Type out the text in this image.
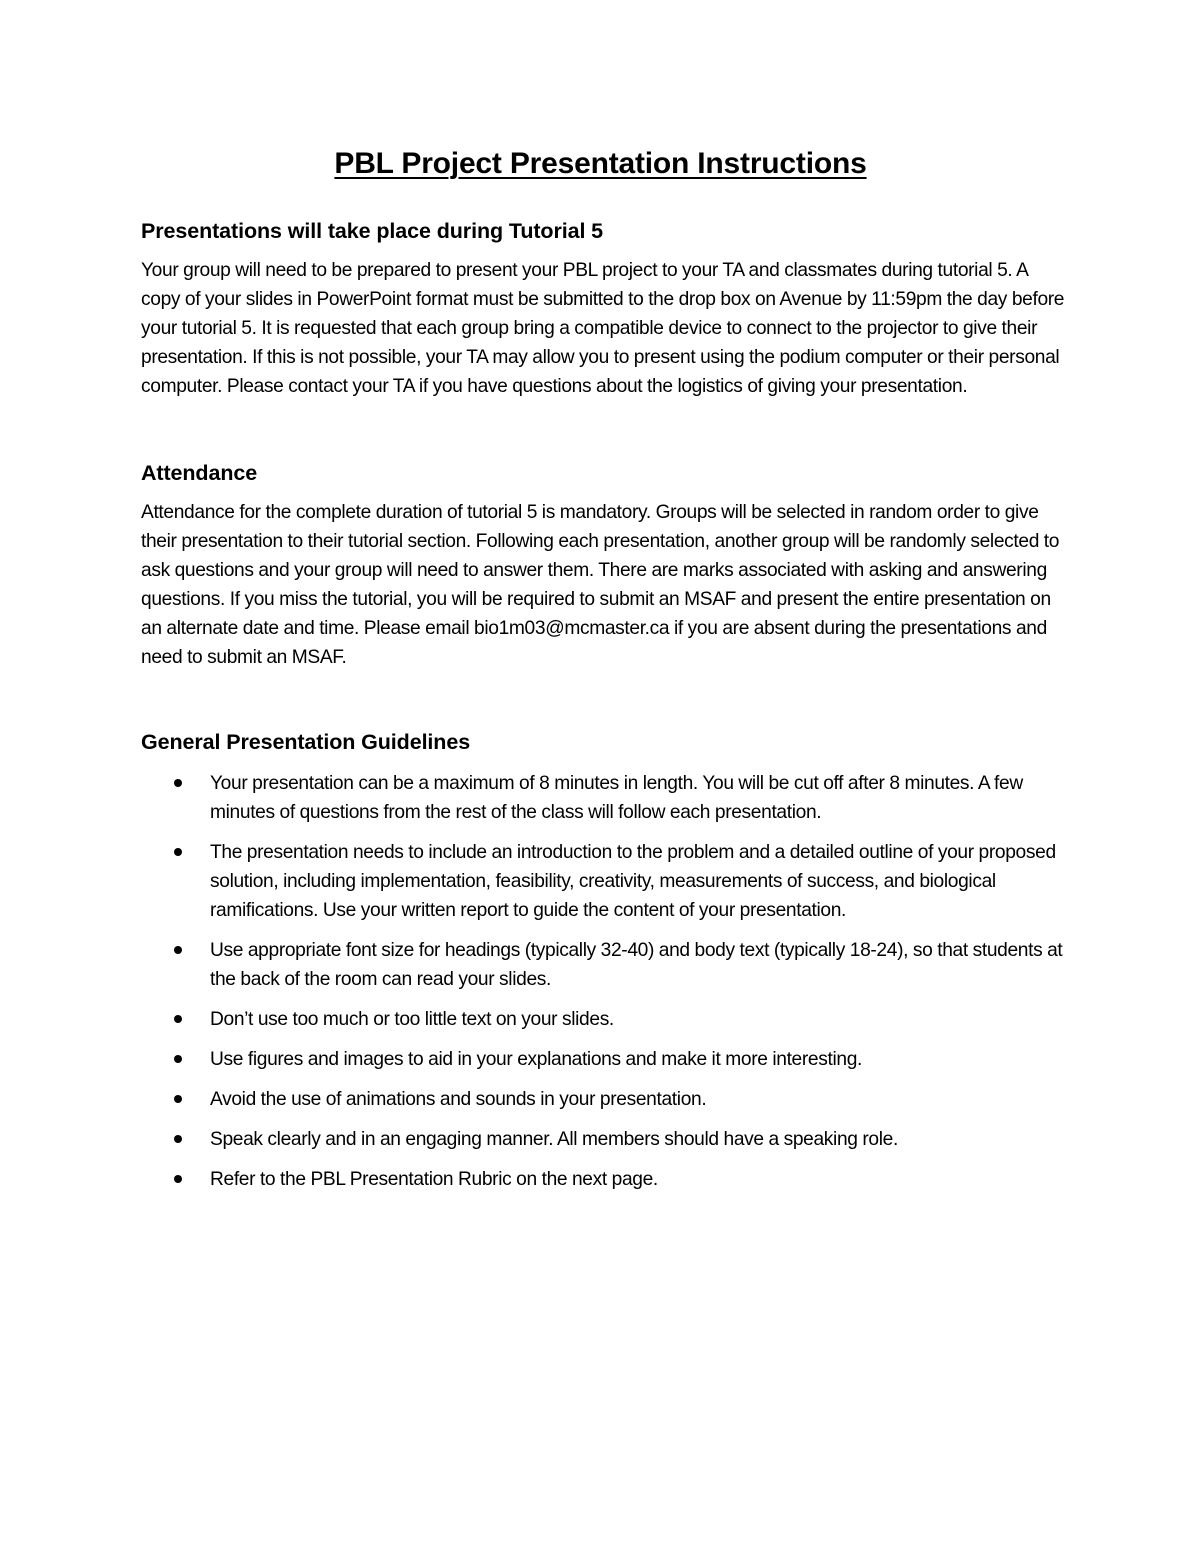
PBL Project Presentation Instructions
Presentations will take place during Tutorial 5

Your group will need to be prepared to present your PBL project to your TA and classmates during tutorial 5. A copy of your slides in PowerPoint format must be submitted to the drop box on Avenue by 11:59pm the day before your tutorial 5. It is requested that each group bring a compatible device to connect to the projector to give their presentation. If this is not possible, your TA may allow you to present using the podium computer or their personal computer. Please contact your TA if you have questions about the logistics of giving your presentation.

Attendance

Attendance for the complete duration of tutorial 5 is mandatory. Groups will be selected in random order to give their presentation to their tutorial section. Following each presentation, another group will be randomly selected to ask questions and your group will need to answer them. There are marks associated with asking and answering questions. If you miss the tutorial, you will be required to submit an MSAF and present the entire presentation on an alternate date and time. Please email bio1m03@mcmaster.ca if you are absent during the presentations and need to submit an MSAF.

General Presentation Guidelines
Your presentation can be a maximum of 8 minutes in length. You will be cut off after 8 minutes. A few minutes of questions from the rest of the class will follow each presentation.
The presentation needs to include an introduction to the problem and a detailed outline of your proposed solution, including implementation, feasibility, creativity, measurements of success, and biological ramifications. Use your written report to guide the content of your presentation.
Use appropriate font size for headings (typically 32-40) and body text (typically 18-24), so that students at the back of the room can read your slides.
Don’t use too much or too little text on your slides.
Use figures and images to aid in your explanations and make it more interesting.
Avoid the use of animations and sounds in your presentation.
Speak clearly and in an engaging manner. All members should have a speaking role.
Refer to the PBL Presentation Rubric on the next page.
